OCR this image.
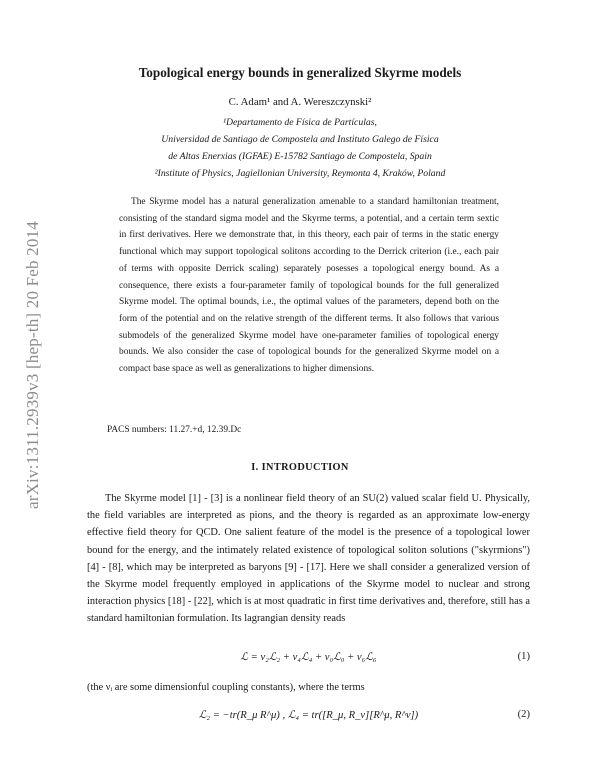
arXiv:1311.2939v3 [hep-th] 20 Feb 2014
Topological energy bounds in generalized Skyrme models
C. Adam¹ and A. Wereszczynski²
¹Departamento de Física de Partículas,
Universidad de Santiago de Compostela and Instituto Galego de Física
de Altas Enerxias (IGFAE) E-15782 Santiago de Compostela, Spain
²Institute of Physics, Jagiellonian University, Reymonta 4, Kraków, Poland

The Skyrme model has a natural generalization amenable to a standard hamiltonian treatment, consisting of the standard sigma model and the Skyrme terms, a potential, and a certain term sextic in first derivatives. Here we demonstrate that, in this theory, each pair of terms in the static energy functional which may support topological solitons according to the Derrick criterion (i.e., each pair of terms with opposite Derrick scaling) separately posesses a topological energy bound. As a consequence, there exists a four-parameter family of topological bounds for the full generalized Skyrme model. The optimal bounds, i.e., the optimal values of the parameters, depend both on the form of the potential and on the relative strength of the different terms. It also follows that various submodels of the generalized Skyrme model have one-parameter families of topological energy bounds. We also consider the case of topological bounds for the generalized Skyrme model on a compact base space as well as generalizations to higher dimensions.

PACS numbers: 11.27.+d, 12.39.Dc
I. INTRODUCTION

The Skyrme model [1] - [3] is a nonlinear field theory of an SU(2) valued scalar field U. Physically, the field variables are interpreted as pions, and the theory is regarded as an approximate low-energy effective field theory for QCD. One salient feature of the model is the presence of a topological lower bound for the energy, and the intimately related existence of topological soliton solutions ("skyrmions") [4] - [8], which may be interpreted as baryons [9] - [17]. Here we shall consider a generalized version of the Skyrme model frequently employed in applications of the Skyrme model to nuclear and strong interaction physics [18] - [22], which is at most quadratic in first time derivatives and, therefore, still has a standard hamiltonian formulation. Its lagrangian density reads

ℒ = ν₂ℒ₂ + ν₄ℒ₄ + ν₀ℒ₀ + ν₆ℒ₆	(1)
(the νᵢ are some dimensionful coupling constants), where the terms
ℒ₂ = −tr(R_μ R^μ) , ℒ₄ = tr([R_μ, R_ν][R^μ, R^ν])	(2)
